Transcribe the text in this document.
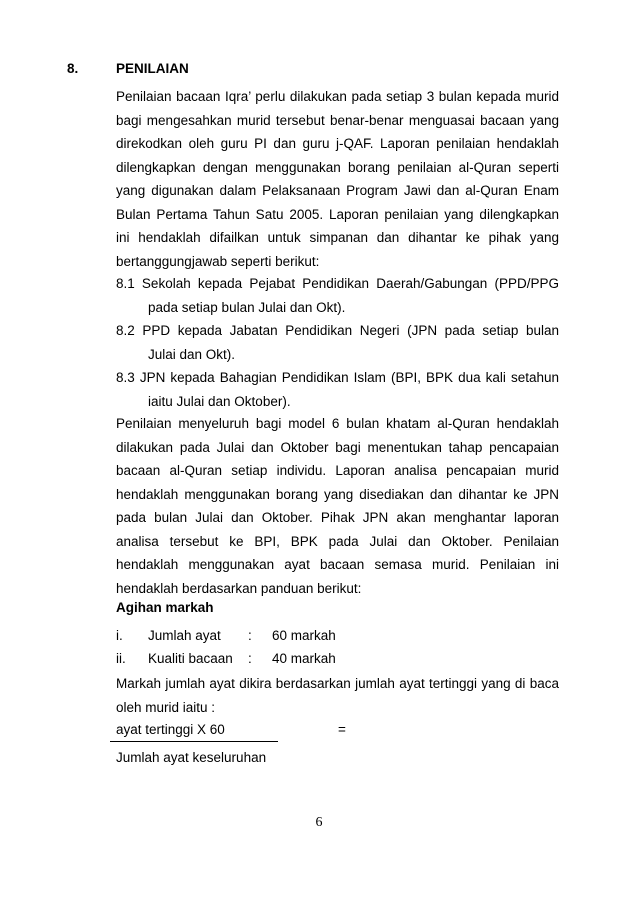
8.	PENILAIAN
Penilaian bacaan Iqra’ perlu dilakukan pada setiap 3 bulan kepada murid
bagi mengesahkan murid tersebut benar-benar menguasai bacaan yang
direkodkan oleh guru PI dan guru j-QAF. Laporan penilaian hendaklah
dilengkapkan dengan menggunakan borang penilaian al-Quran seperti
yang digunakan dalam Pelaksanaan Program Jawi dan al-Quran Enam
Bulan Pertama Tahun Satu 2005. Laporan penilaian yang dilengkapkan
ini hendaklah difailkan untuk simpanan dan dihantar ke pihak yang
bertanggungjawab seperti berikut:
8.1 Sekolah kepada Pejabat Pendidikan Daerah/Gabungan (PPD/PPG
pada setiap bulan Julai dan Okt).
8.2 PPD kepada Jabatan Pendidikan Negeri (JPN pada setiap bulan
Julai dan Okt).
8.3 JPN kepada Bahagian Pendidikan Islam (BPI, BPK dua kali setahun
iaitu Julai dan Oktober).
Penilaian menyeluruh bagi model 6 bulan khatam al-Quran hendaklah
dilakukan pada Julai dan Oktober bagi menentukan tahap pencapaian
bacaan al-Quran setiap individu. Laporan analisa pencapaian murid
hendaklah menggunakan borang yang disediakan dan dihantar ke JPN
pada bulan Julai dan Oktober. Pihak JPN akan menghantar laporan
analisa tersebut ke BPI, BPK pada Julai dan Oktober. Penilaian
hendaklah menggunakan ayat bacaan semasa murid. Penilaian ini
hendaklah berdasarkan panduan berikut:
Agihan markah
i. Jumlah ayat : 60 markah
ii. Kualiti bacaan : 40 markah
Markah jumlah ayat dikira berdasarkan jumlah ayat tertinggi yang di baca
oleh murid iaitu :
ayat tertinggi X 60	=
Jumlah ayat keseluruhan
6
